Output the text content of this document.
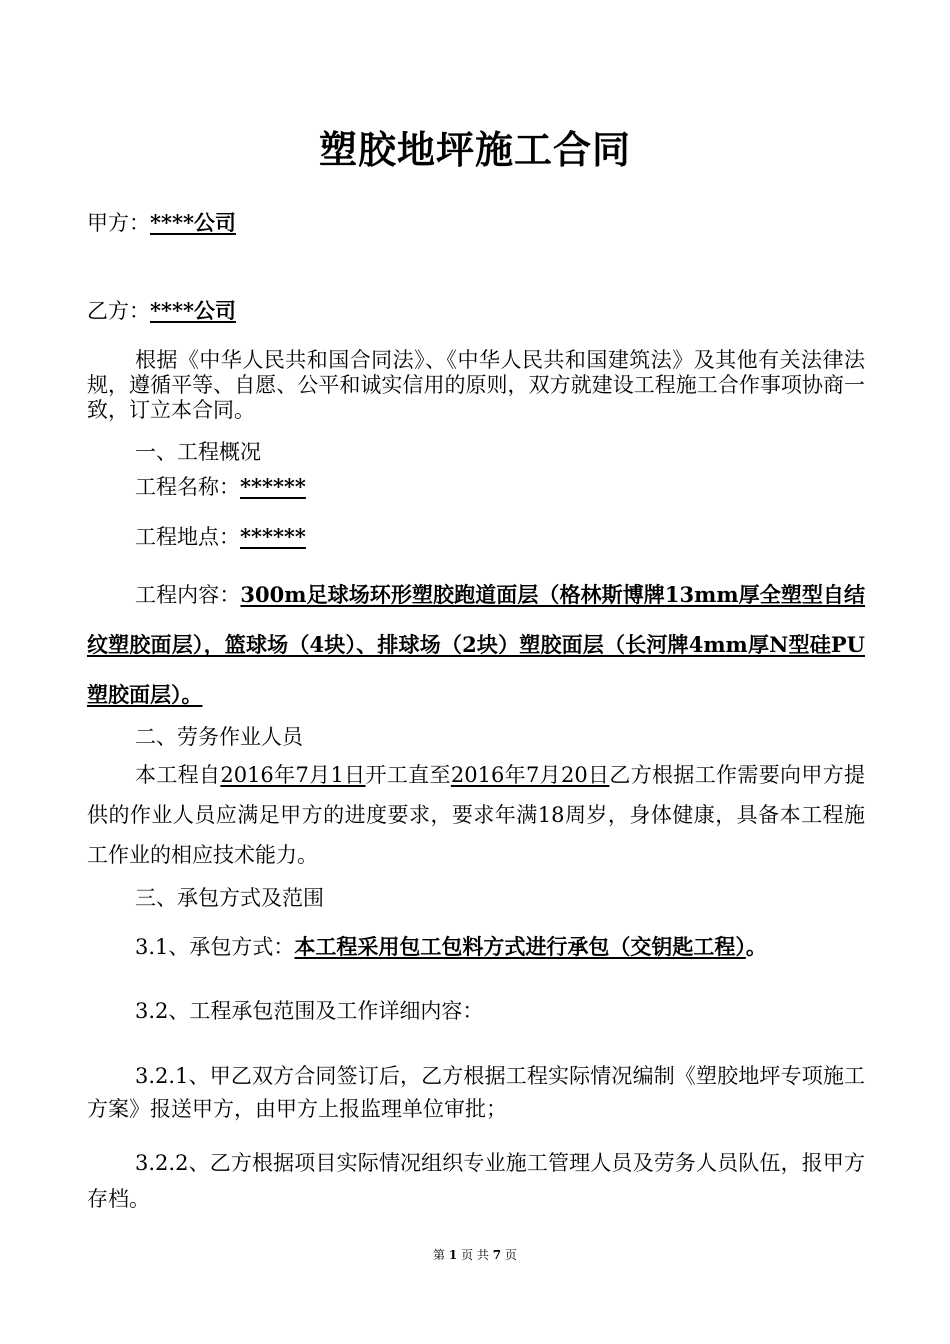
塑胶地坪施工合同
甲方：****公司
乙方：****公司
根据《中华人民共和国合同法》、《中华人民共和国建筑法》及其他有关法律法规，遵循平等、自愿、公平和诚实信用的原则，双方就建设工程施工合作事项协商一致，订立本合同。
一、工程概况
工程名称：******
工程地点：******
工程内容：300m足球场环形塑胶跑道面层（格林斯博牌13mm厚全塑型自结纹塑胶面层），篮球场（4块）、排球场（2块）塑胶面层（长河牌4mm厚N型硅PU塑胶面层）。
二、劳务作业人员
本工程自2016年7月1日开工直至2016年7月20日乙方根据工作需要向甲方提供的作业人员应满足甲方的进度要求，要求年满18周岁，身体健康，具备本工程施工作业的相应技术能力。
三、承包方式及范围
3.1、承包方式：本工程采用包工包料方式进行承包（交钥匙工程）。
3.2、工程承包范围及工作详细内容：
3.2.1、甲乙双方合同签订后，乙方根据工程实际情况编制《塑胶地坪专项施工方案》报送甲方，由甲方上报监理单位审批；
3.2.2、乙方根据项目实际情况组织专业施工管理人员及劳务人员队伍，报甲方存档。
第 1 页 共 7 页
